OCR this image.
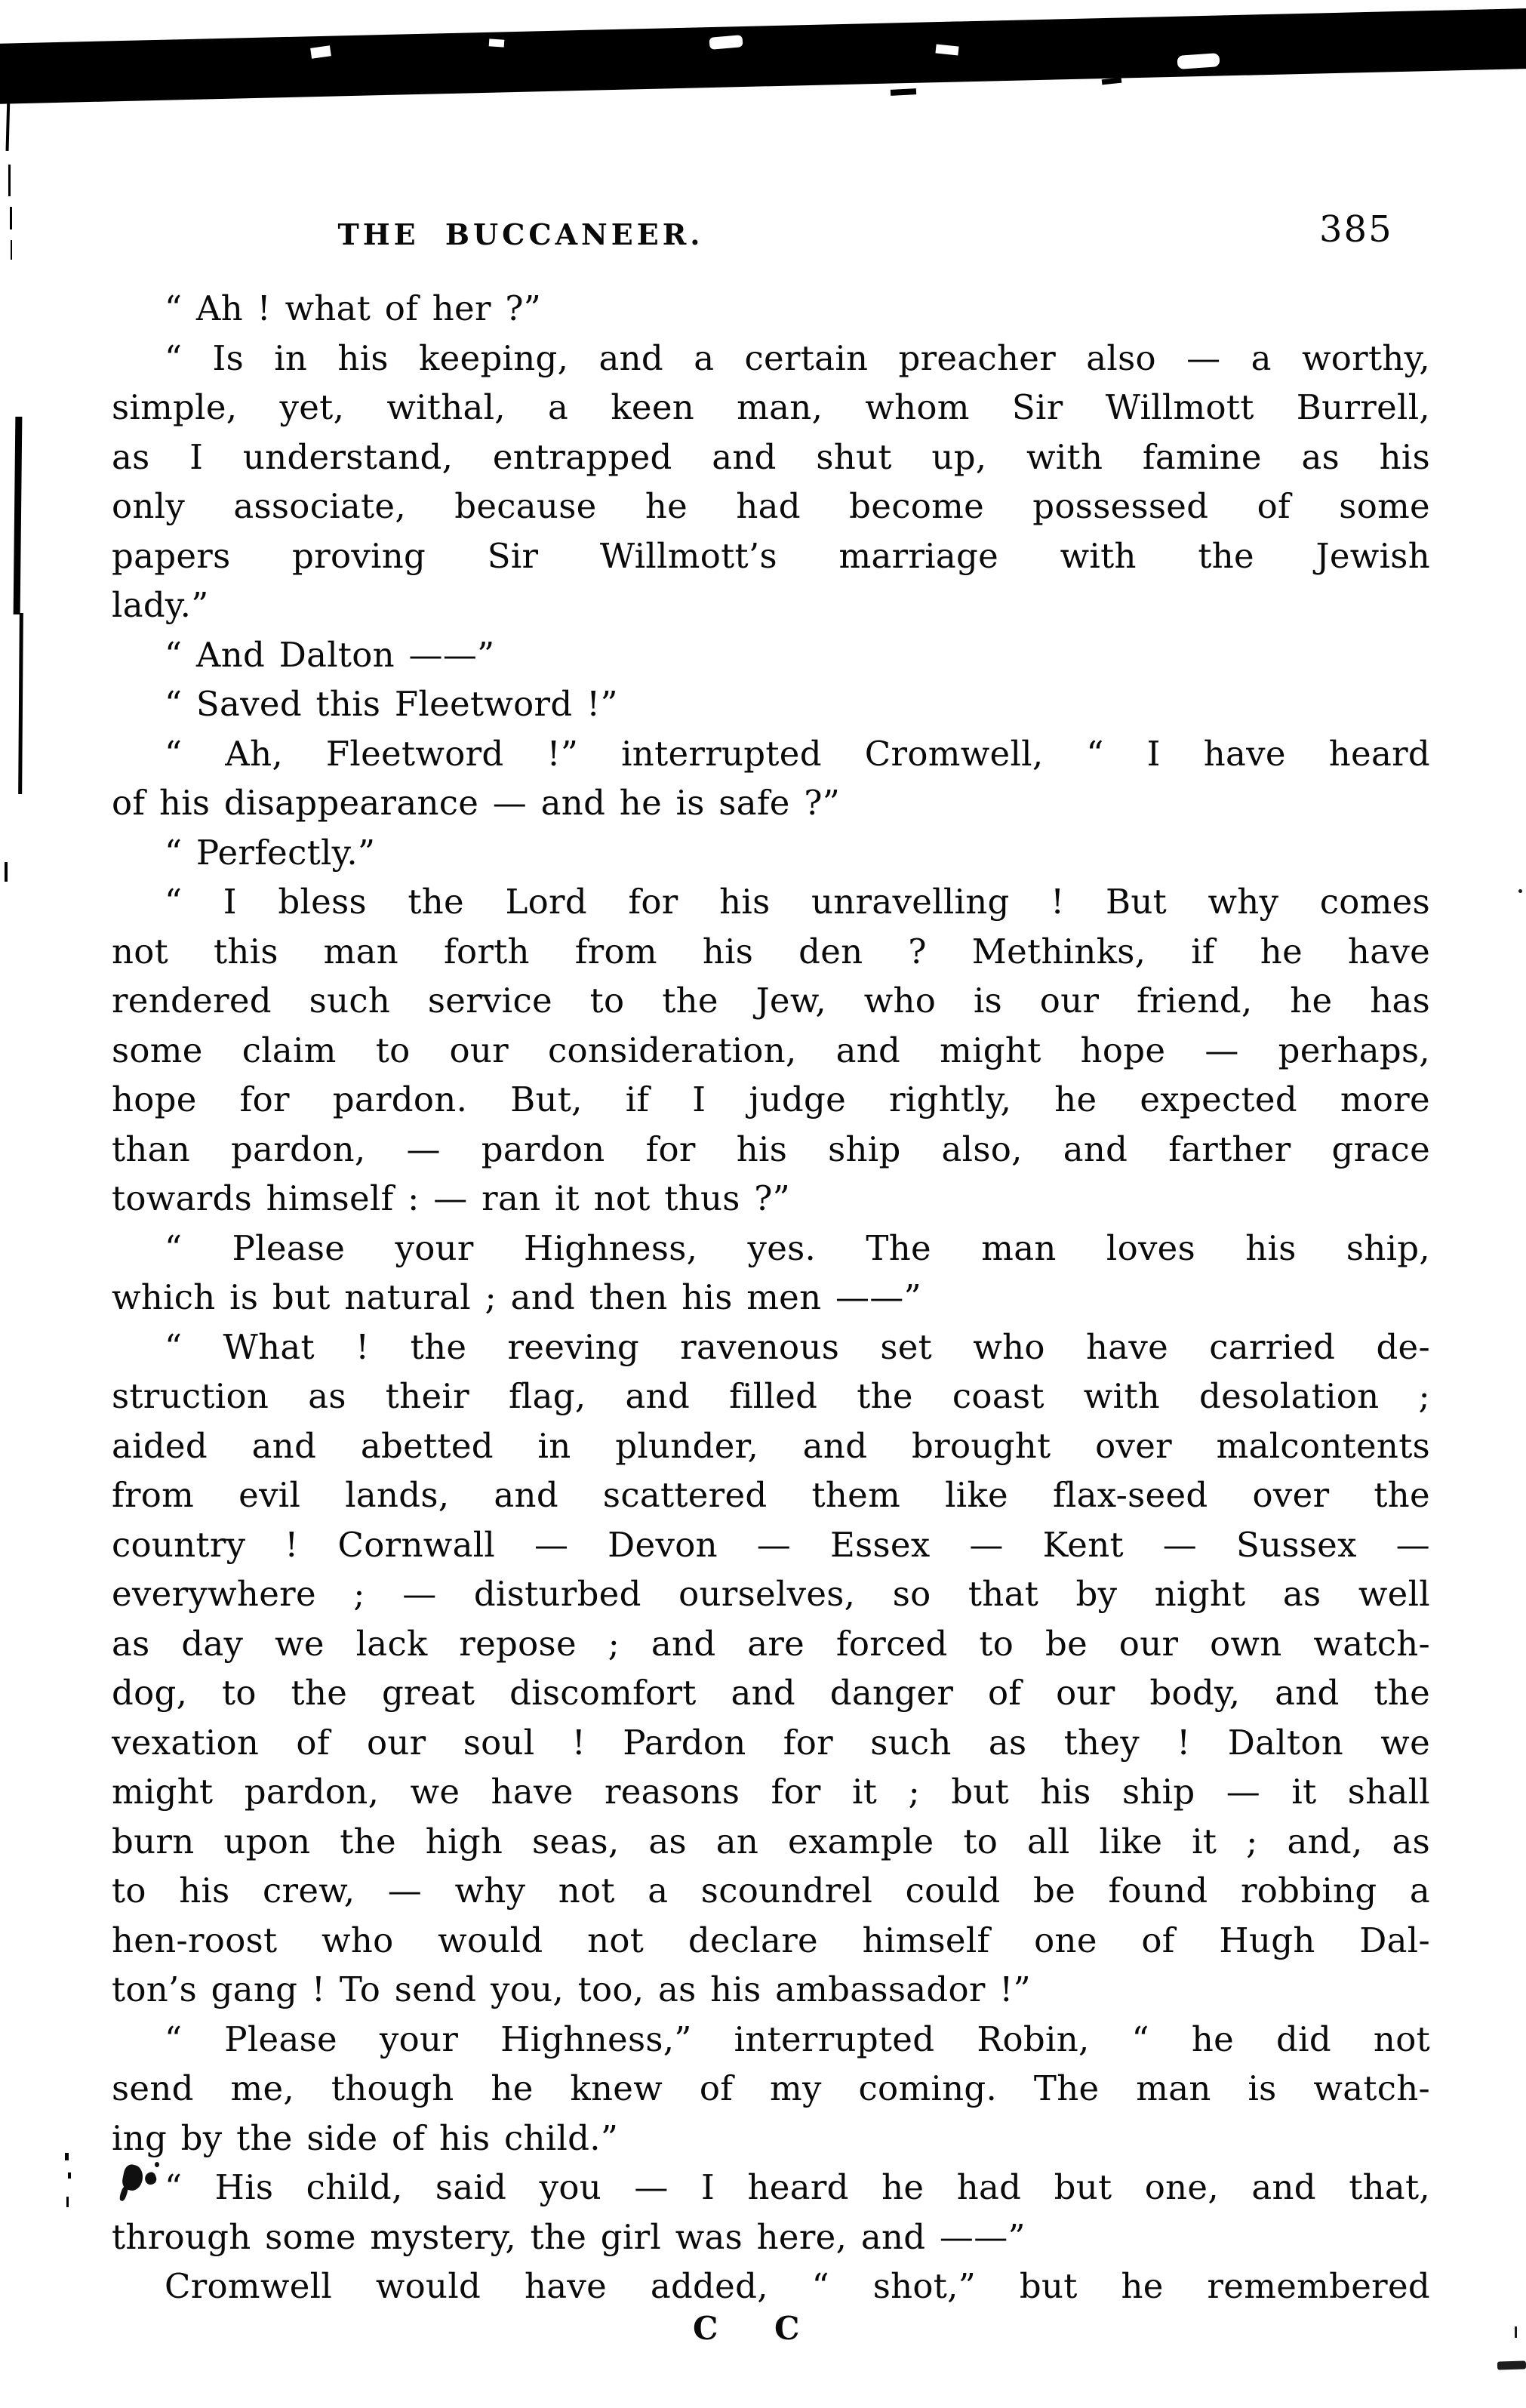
THE BUCCANEER.	385
“ Ah ! what of her ?”
“ Is in his keeping, and a certain preacher also — a worthy,
simple, yet, withal, a keen man, whom Sir Willmott Burrell,
as I understand, entrapped and shut up, with famine as his
only associate, because he had become possessed of some
papers proving Sir Willmott’s marriage with the Jewish
lady.”
“ And Dalton ——”
“ Saved this Fleetword !”
“ Ah, Fleetword !” interrupted Cromwell, “ I have heard
of his disappearance — and he is safe ?”
“ Perfectly.”
“ I bless the Lord for his unravelling ! But why comes
not this man forth from his den ? Methinks, if he have
rendered such service to the Jew, who is our friend, he has
some claim to our consideration, and might hope — perhaps,
hope for pardon. But, if I judge rightly, he expected more
than pardon, — pardon for his ship also, and farther grace
towards himself : — ran it not thus ?”
“ Please your Highness, yes. The man loves his ship,
which is but natural ; and then his men ——”
“ What ! the reeving ravenous set who have carried de-
struction as their flag, and filled the coast with desolation ;
aided and abetted in plunder, and brought over malcontents
from evil lands, and scattered them like flax-seed over the
country ! Cornwall — Devon — Essex — Kent — Sussex —
everywhere ; — disturbed ourselves, so that by night as well
as day we lack repose ; and are forced to be our own watch-
dog, to the great discomfort and danger of our body, and the
vexation of our soul ! Pardon for such as they ! Dalton we
might pardon, we have reasons for it ; but his ship — it shall
burn upon the high seas, as an example to all like it ; and, as
to his crew, — why not a scoundrel could be found robbing a
hen-roost who would not declare himself one of Hugh Dal-
ton’s gang ! To send you, too, as his ambassador !”
“ Please your Highness,” interrupted Robin, “ he did not
send me, though he knew of my coming. The man is watch-
ing by the side of his child.”
“ His child, said you — I heard he had but one, and that,
through some mystery, the girl was here, and ——”
Cromwell would have added, “ shot,” but he remembered
C C
